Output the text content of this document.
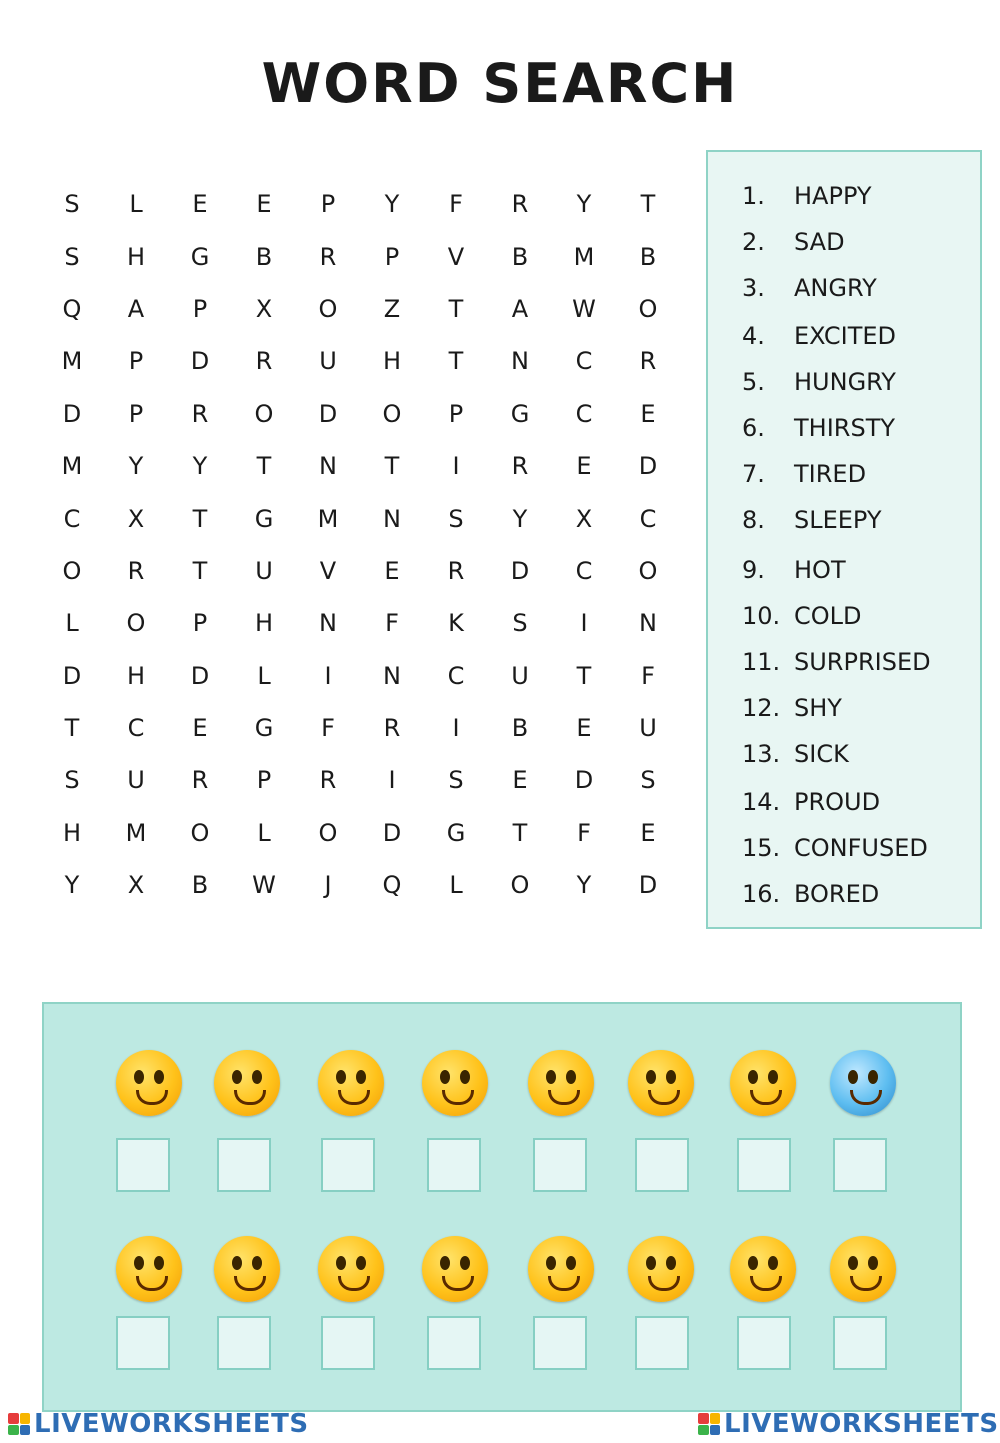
WORD SEARCH
S	L	E	E	P	Y	F	R	Y	T
S	H	G	B	R	P	V	B	M	B
Q	A	P	X	O	Z	T	A	W	O
M	P	D	R	U	H	T	N	C	R
D	P	R	O	D	O	P	G	C	E
M	Y	Y	T	N	T	I	R	E	D
C	X	T	G	M	N	S	Y	X	C
O	R	T	U	V	E	R	D	C	O
L	O	P	H	N	F	K	S	I	N
D	H	D	L	I	N	C	U	T	F
T	C	E	G	F	R	I	B	E	U
S	U	R	P	R	I	S	E	D	S
H	M	O	L	O	D	G	T	F	E
Y	X	B	W	J	Q	L	O	Y	D
1. HAPPY
2. SAD
3. ANGRY
4. EXCITED
5. HUNGRY
6. THIRSTY
7. TIRED
8. SLEEPY
9. HOT
10. COLD
11. SURPRISED
12. SHY
13. SICK
14. PROUD
15. CONFUSED
16. BORED
LIVEWORKSHEETS	LIVEWORKSHEETS
